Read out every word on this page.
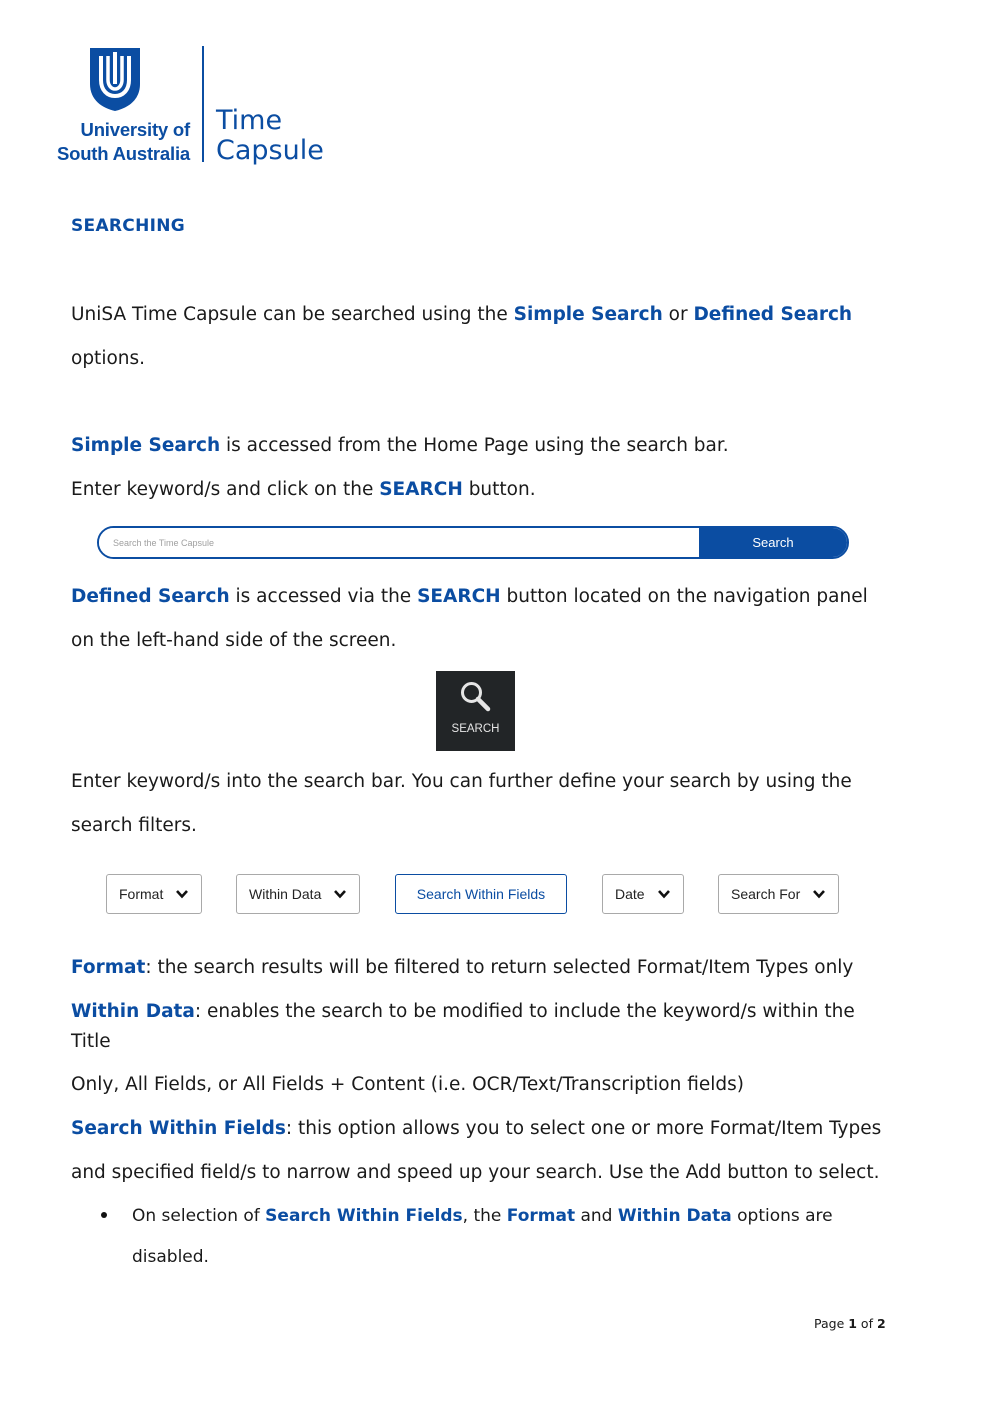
University of
South Australia
Time
Capsule
SEARCHING
UniSA Time Capsule can be searched using the Simple Search or Defined Search
options.
Simple Search is accessed from the Home Page using the search bar.
Enter keyword/s and click on the SEARCH button.
Search the Time Capsule
Search
Defined Search is accessed via the SEARCH button located on the navigation panel
on the left-hand side of the screen.
SEARCH
Enter keyword/s into the search bar. You can further define your search by using the
search filters.
Format	Within Data	Search Within Fields	Date	Search For
Format: the search results will be filtered to return selected Format/Item Types only
Within Data: enables the search to be modified to include the keyword/s within the
Title
Only, All Fields, or All Fields + Content (i.e. OCR/Text/Transcription fields)
Search Within Fields: this option allows you to select one or more Format/Item Types
and specified field/s to narrow and speed up your search. Use the Add button to select.
On selection of Search Within Fields, the Format and Within Data options are
disabled.
Page 1 of 2
